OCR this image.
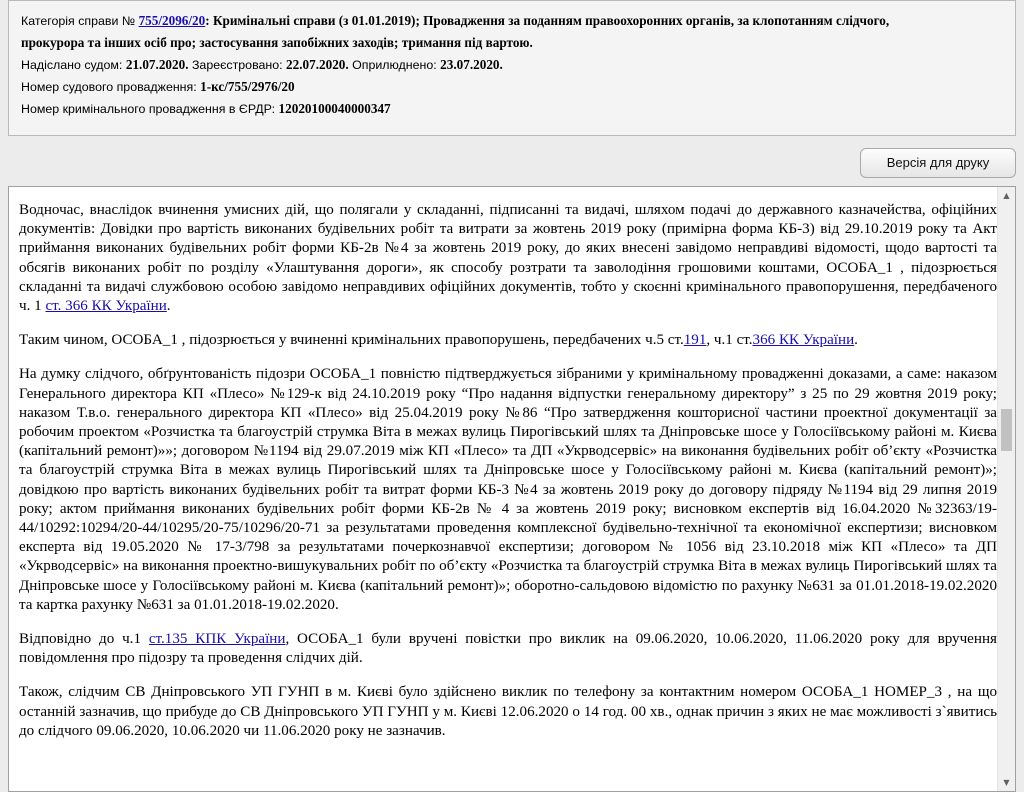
Категорія справи № 755/2096/20: Кримінальні справи (з 01.01.2019); Провадження за поданням правоохоронних органів, за клопотанням слідчого,
прокурора та інших осіб про; застосування запобіжних заходів; тримання під вартою.
Надіслано судом: 21.07.2020. Зареєстровано: 22.07.2020. Оприлюднено: 23.07.2020.
Номер судового провадження: 1-кс/755/2976/20
Номер кримінального провадження в ЄРДР: 12020100040000347
Версія для друку

Водночас, внаслідок вчинення умисних дій, що полягали у складанні, підписанні та видачі, шляхом подачі до державного казначейства, офіційних документів: Довідки про вартість виконаних будівельних робіт та витрати за жовтень 2019 року (примірна форма КБ-3) від 29.10.2019 року та Акт приймання виконаних будівельних робіт форми КБ-2в №4 за жовтень 2019 року, до яких внесені завідомо неправдиві відомості, щодо вартості та обсягів виконаних робіт по розділу «Улаштування дороги», як способу розтрати та заволодіння грошовими коштами, ОСОБА_1 , підозрюється складанні та видачі службовою особою завідомо неправдивих офіційних документів, тобто у скоєнні кримінального правопорушення, передбаченого ч. 1 ст. 366 КК України.

Таким чином, ОСОБА_1 , підозрюється у вчиненні кримінальних правопорушень, передбачених ч.5 ст.191, ч.1 ст.366 КК України.

На думку слідчого, обґрунтованість підозри ОСОБА_1 повністю підтверджується зібраними у кримінальному провадженні доказами, а саме: наказом Генерального директора КП «Плесо» №129-к від 24.10.2019 року “Про надання відпустки генеральному директору” з 25 по 29 жовтня 2019 року; наказом Т.в.о. генерального директора КП «Плесо» від 25.04.2019 року №86 “Про затвердження кошторисної частини проектної документації за робочим проектом «Розчистка та благоустрій струмка Віта в межах вулиць Пирогівський шлях та Дніпровське шосе у Голосіївському районі м. Києва (капітальний ремонт)»»; договором №1194 від 29.07.2019 між КП «Плесо» та ДП «Укрводсервіс» на виконання будівельних робіт об’єкту «Розчистка та благоустрій струмка Віта в межах вулиць Пирогівський шлях та Дніпровське шосе у Голосіївському районі м. Києва (капітальний ремонт)»; довідкою про вартість виконаних будівельних робіт та витрат форми КБ-3 №4 за жовтень 2019 року до договору підряду №1194 від 29 липня 2019 року; актом приймання виконаних будівельних робіт форми КБ-2в № 4 за жовтень 2019 року; висновком експертів від 16.04.2020 №32363/19-44/10292:10294/20-44/10295/20-75/10296/20-71 за результатами проведення комплексної будівельно-технічної та економічної експертизи; висновком експерта від 19.05.2020 № 17-3/798 за результатами почеркознавчої експертизи; договором № 1056 від 23.10.2018 між КП «Плесо» та ДП «Укрводсервіс» на виконання проектно-вишукувальних робіт по об’єкту «Розчистка та благоустрій струмка Віта в межах вулиць Пирогівський шлях та Дніпровське шосе у Голосіївському районі м. Києва (капітальний ремонт)»; оборотно-сальдовою відомістю по рахунку №631 за 01.01.2018-19.02.2020 та картка рахунку №631 за 01.01.2018-19.02.2020.

Відповідно до ч.1 ст.135 КПК України, ОСОБА_1 були вручені повістки про виклик на 09.06.2020, 10.06.2020, 11.06.2020 року для вручення повідомлення про підозру та проведення слідчих дій.

Також, слідчим СВ Дніпровського УП ГУНП в м. Києві було здійснено виклик по телефону за контактним номером ОСОБА_1 НОМЕР_3 , на що останній зазначив, що прибуде до СВ Дніпровського УП ГУНП у м. Києві 12.06.2020 о 14 год. 00 хв., однак причин з яких не має можливості з`явитись до слідчого 09.06.2020, 10.06.2020 чи 11.06.2020 року не зазначив.

▲
▼
